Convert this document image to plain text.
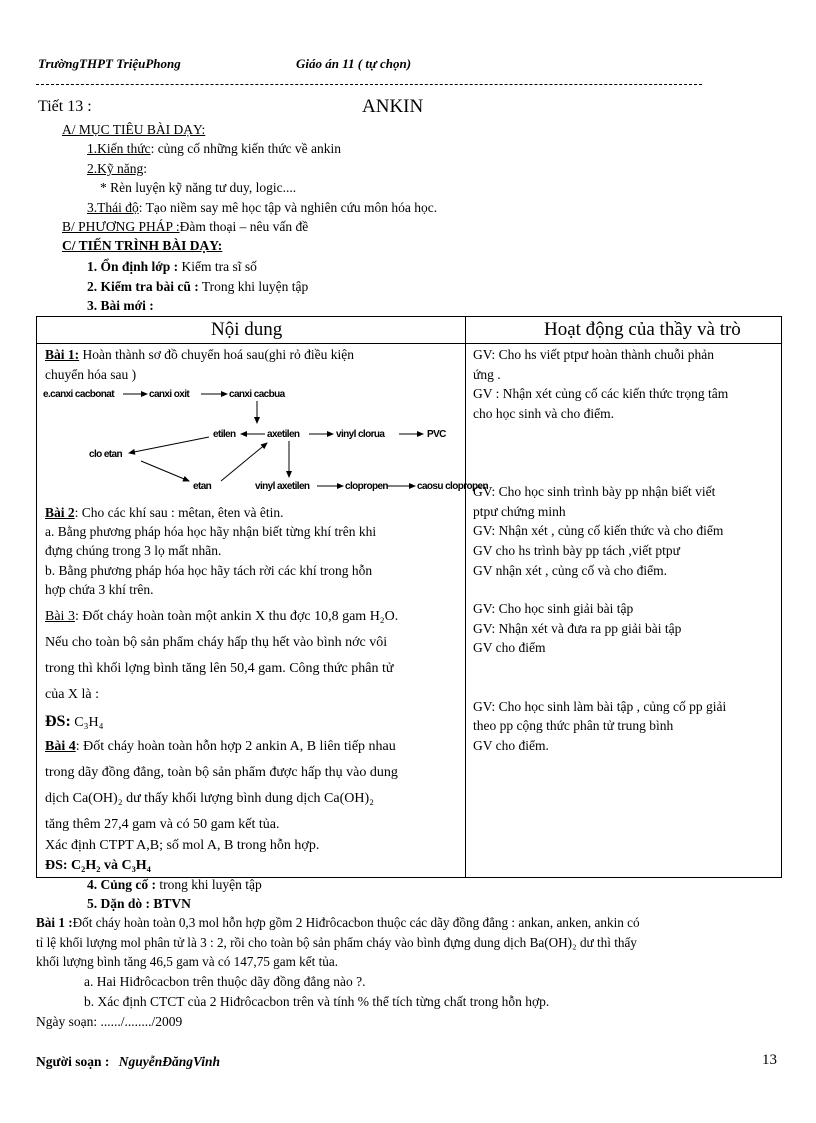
TrườngTHPT TriệuPhong	Giáo án 11 ( tự chọn)
Tiết 13 :	ANKIN
A/ MỤC TIÊU BÀI DẠY:
1.Kiến thức: củng cố những kiến thức về ankin
2.Kỹ năng:
* Rèn luyện kỹ năng tư duy, logic....
3.Thái độ: Tạo niềm say mê học tập và nghiên cứu môn hóa học.
B/ PHƯƠNG PHÁP :Đàm thoại – nêu vấn đề
C/ TIẾN TRÌNH BÀI DẠY:
1. Ổn định lớp : Kiểm tra sĩ số
2. Kiểm tra bài cũ : Trong khi luyện tập
3. Bài mới :
Nội dung	Hoạt động của thầy và trò
Bài 1: Hoàn thành sơ đồ chuyển hoá sau(ghi rỏ điều kiện
chuyển hóa sau )
e.canxi cacbonat	canxi oxit	canxi cacbua
etilen	axetilen	vinyl clorua	PVC
clo etan
etan	vinyl axetilen	clopropen	caosu clopropen
Bài 2: Cho các khí sau : mêtan, êten và êtin.
a. Bằng phương pháp hóa học hãy nhận biết từng khí trên khi
đựng chúng trong 3 lọ mất nhãn.
b. Bằng phương pháp hóa học hãy tách rời các khí trong hỗn
hợp chứa 3 khí trên.
Bài 3: Đốt cháy hoàn toàn một ankin X thu đợc 10,8 gam H₂O.
Nếu cho toàn bộ sản phẩm cháy hấp thụ hết vào bình nớc vôi
trong thì khối lợng bình tăng lên 50,4 gam. Công thức phân tử
của X là :
ĐS: C₃H₄
Bài 4: Đốt cháy hoàn toàn hỗn hợp 2 ankin A, B liên tiếp nhau
trong dãy đồng đẳng, toàn bộ sản phẩm được hấp thụ vào dung
dịch Ca(OH)₂ dư thấy khối lượng bình dung dịch Ca(OH)₂
tăng thêm 27,4 gam và có 50 gam kết tủa.
Xác định CTPT A,B; số mol A, B trong hỗn hợp.
ĐS: C₂H₂ và C₃H₄
GV: Cho hs viết ptpư hoàn thành chuỗi phản
ứng .
GV : Nhận xét củng cố các kiến thức trọng tâm
cho học sinh và cho điểm.
GV: Cho học sinh trình bày pp nhận biết viết
ptpư chứng minh
GV: Nhận xét , củng cố kiến thức và cho điểm
GV cho hs trình bày pp tách ,viết ptpư
GV nhận xét , củng cố và cho điểm.
GV: Cho học sinh giải bài tập
GV: Nhận xét và đưa ra pp giải bài tập
GV cho điểm
GV: Cho học sinh làm bài tập , củng cố pp giải
theo pp cộng thức phân tử trung bình
GV cho điểm.
4. Củng cố : trong khi luyện tập
5. Dặn dò : BTVN
Bài 1 :Đốt cháy hoàn toàn 0,3 mol hỗn hợp gồm 2 Hiđrôcacbon thuộc các dãy đồng đẳng : ankan, anken, ankin có
tỉ lệ khối lượng mol phân tử là 3 : 2, rồi cho toàn bộ sản phẩm cháy vào bình đựng dung dịch Ba(OH)₂ dư thì thấy
khối lượng bình tăng 46,5 gam và có 147,75 gam kết tủa.
a. Hai Hiđrôcacbon trên thuộc dãy đồng đẳng nào ?.
b. Xác định CTCT của 2 Hiđrôcacbon trên và tính % thể tích từng chất trong hỗn hợp.
Ngày soạn: ....../......../2009
Người soạn : NguyễnĐăngVinh	13
